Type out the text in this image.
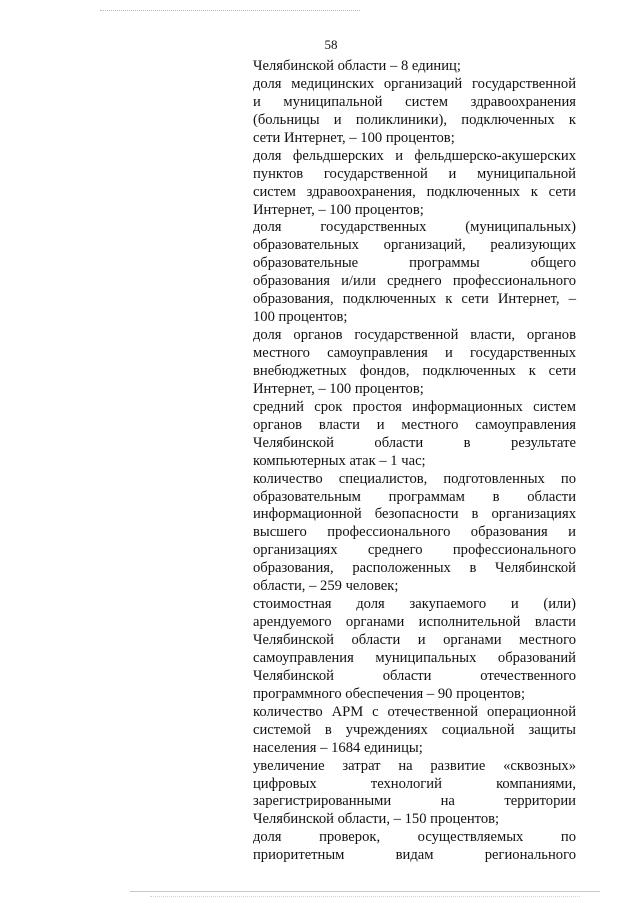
58
Челябинской области – 8 единиц;
доля медицинских организаций государственной
и муниципальной систем здравоохранения
(больницы и поликлиники), подключенных к
сети Интернет, – 100 процентов;
доля фельдшерских и фельдшерско-акушерских
пунктов государственной и муниципальной
систем здравоохранения, подключенных к сети
Интернет, – 100 процентов;
доля государственных (муниципальных)
образовательных организаций, реализующих
образовательные программы общего
образования и/или среднего профессионального
образования, подключенных к сети Интернет, –
100 процентов;
доля органов государственной власти, органов
местного самоуправления и государственных
внебюджетных фондов, подключенных к сети
Интернет, – 100 процентов;
средний срок простоя информационных систем
органов власти и местного самоуправления
Челябинской области в результате
компьютерных атак – 1 час;
количество специалистов, подготовленных по
образовательным программам в области
информационной безопасности в организациях
высшего профессионального образования и
организациях среднего профессионального
образования, расположенных в Челябинской
области, – 259 человек;
стоимостная доля закупаемого и (или)
арендуемого органами исполнительной власти
Челябинской области и органами местного
самоуправления муниципальных образований
Челябинской области отечественного
программного обеспечения – 90 процентов;
количество АРМ с отечественной операционной
системой в учреждениях социальной защиты
населения – 1684 единицы;
увеличение затрат на развитие «сквозных»
цифровых технологий компаниями,
зарегистрированными на территории
Челябинской области, – 150 процентов;
доля проверок, осуществляемых по
приоритетным видам регионального
